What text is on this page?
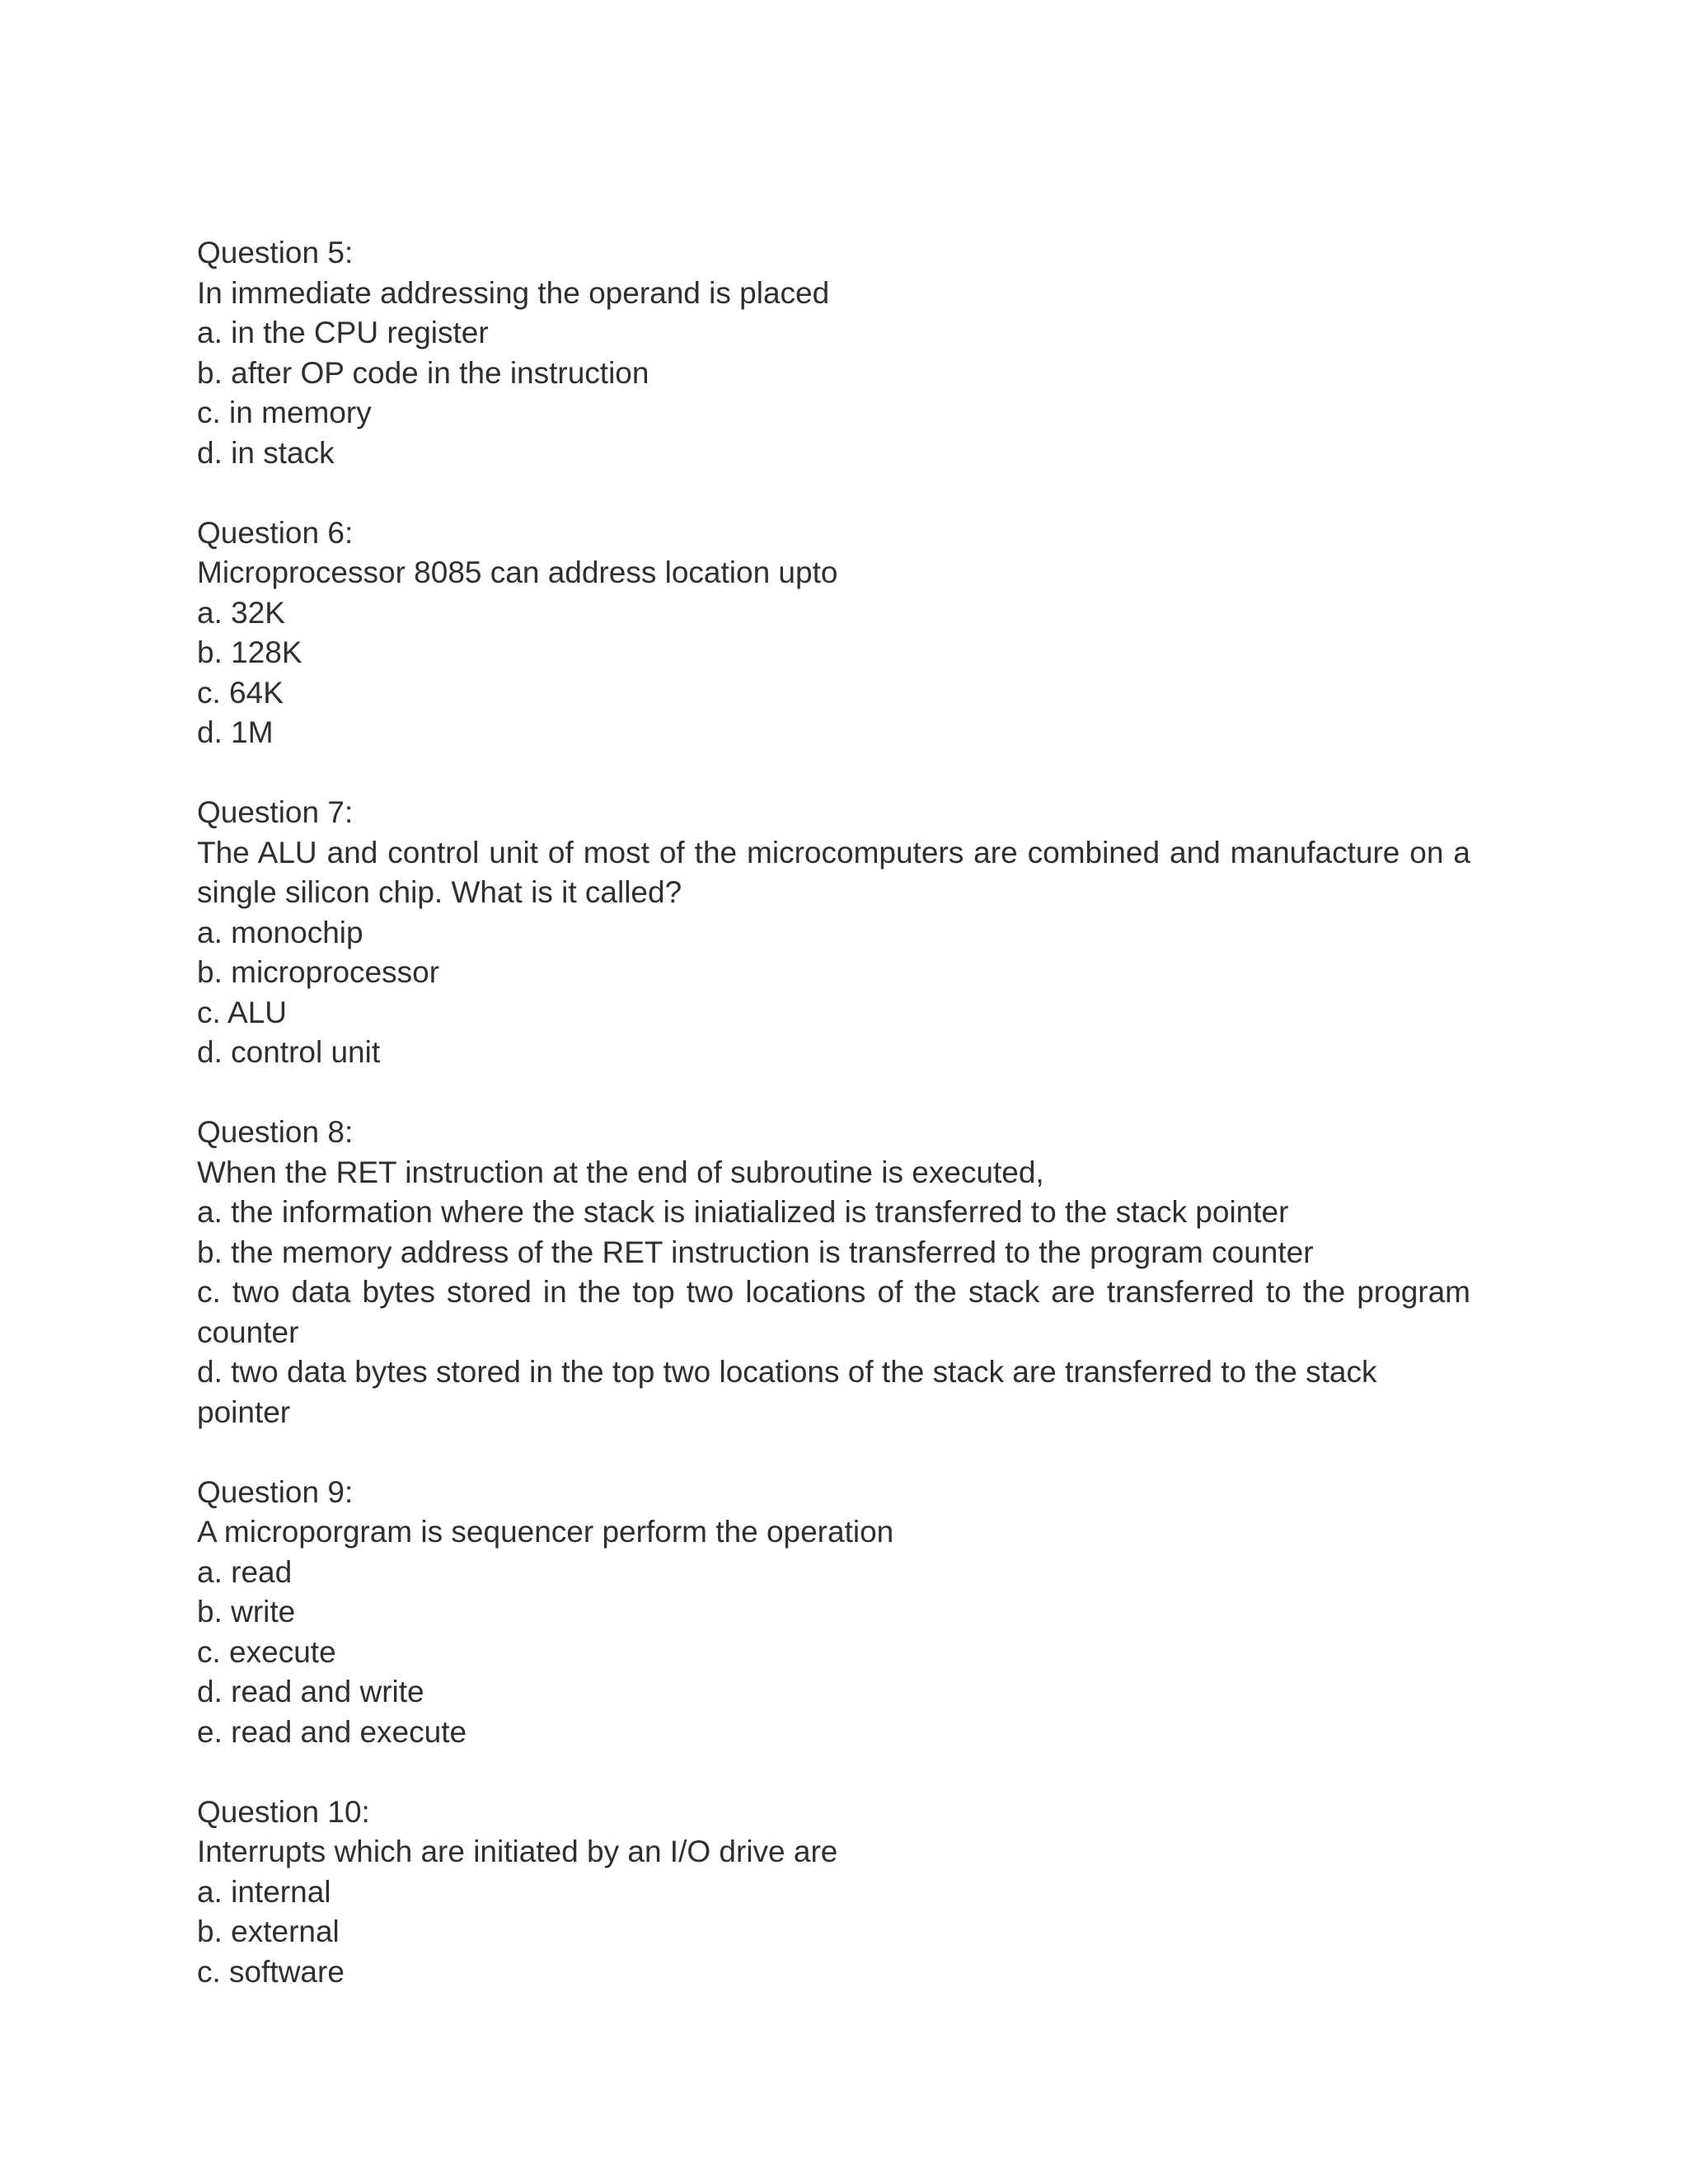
Question 5:
In immediate addressing the operand is placed
a. in the CPU register
b. after OP code in the instruction
c. in memory
d. in stack
Question 6:
Microprocessor 8085 can address location upto
a. 32K
b. 128K
c. 64K
d. 1M
Question 7:
The ALU and control unit of most of the microcomputers are combined and manufacture on a single silicon chip. What is it called?
a. monochip
b. microprocessor
c. ALU
d. control unit
Question 8:
When the RET instruction at the end of subroutine is executed,
a. the information where the stack is iniatialized is transferred to the stack pointer
b. the memory address of the RET instruction is transferred to the program counter
c. two data bytes stored in the top two locations of the stack are transferred to the program counter
d. two data bytes stored in the top two locations of the stack are transferred to the stack pointer
Question 9:
A microporgram is sequencer perform the operation
a. read
b. write
c. execute
d. read and write
e. read and execute
Question 10:
Interrupts which are initiated by an I/O drive are
a. internal
b. external
c. software
